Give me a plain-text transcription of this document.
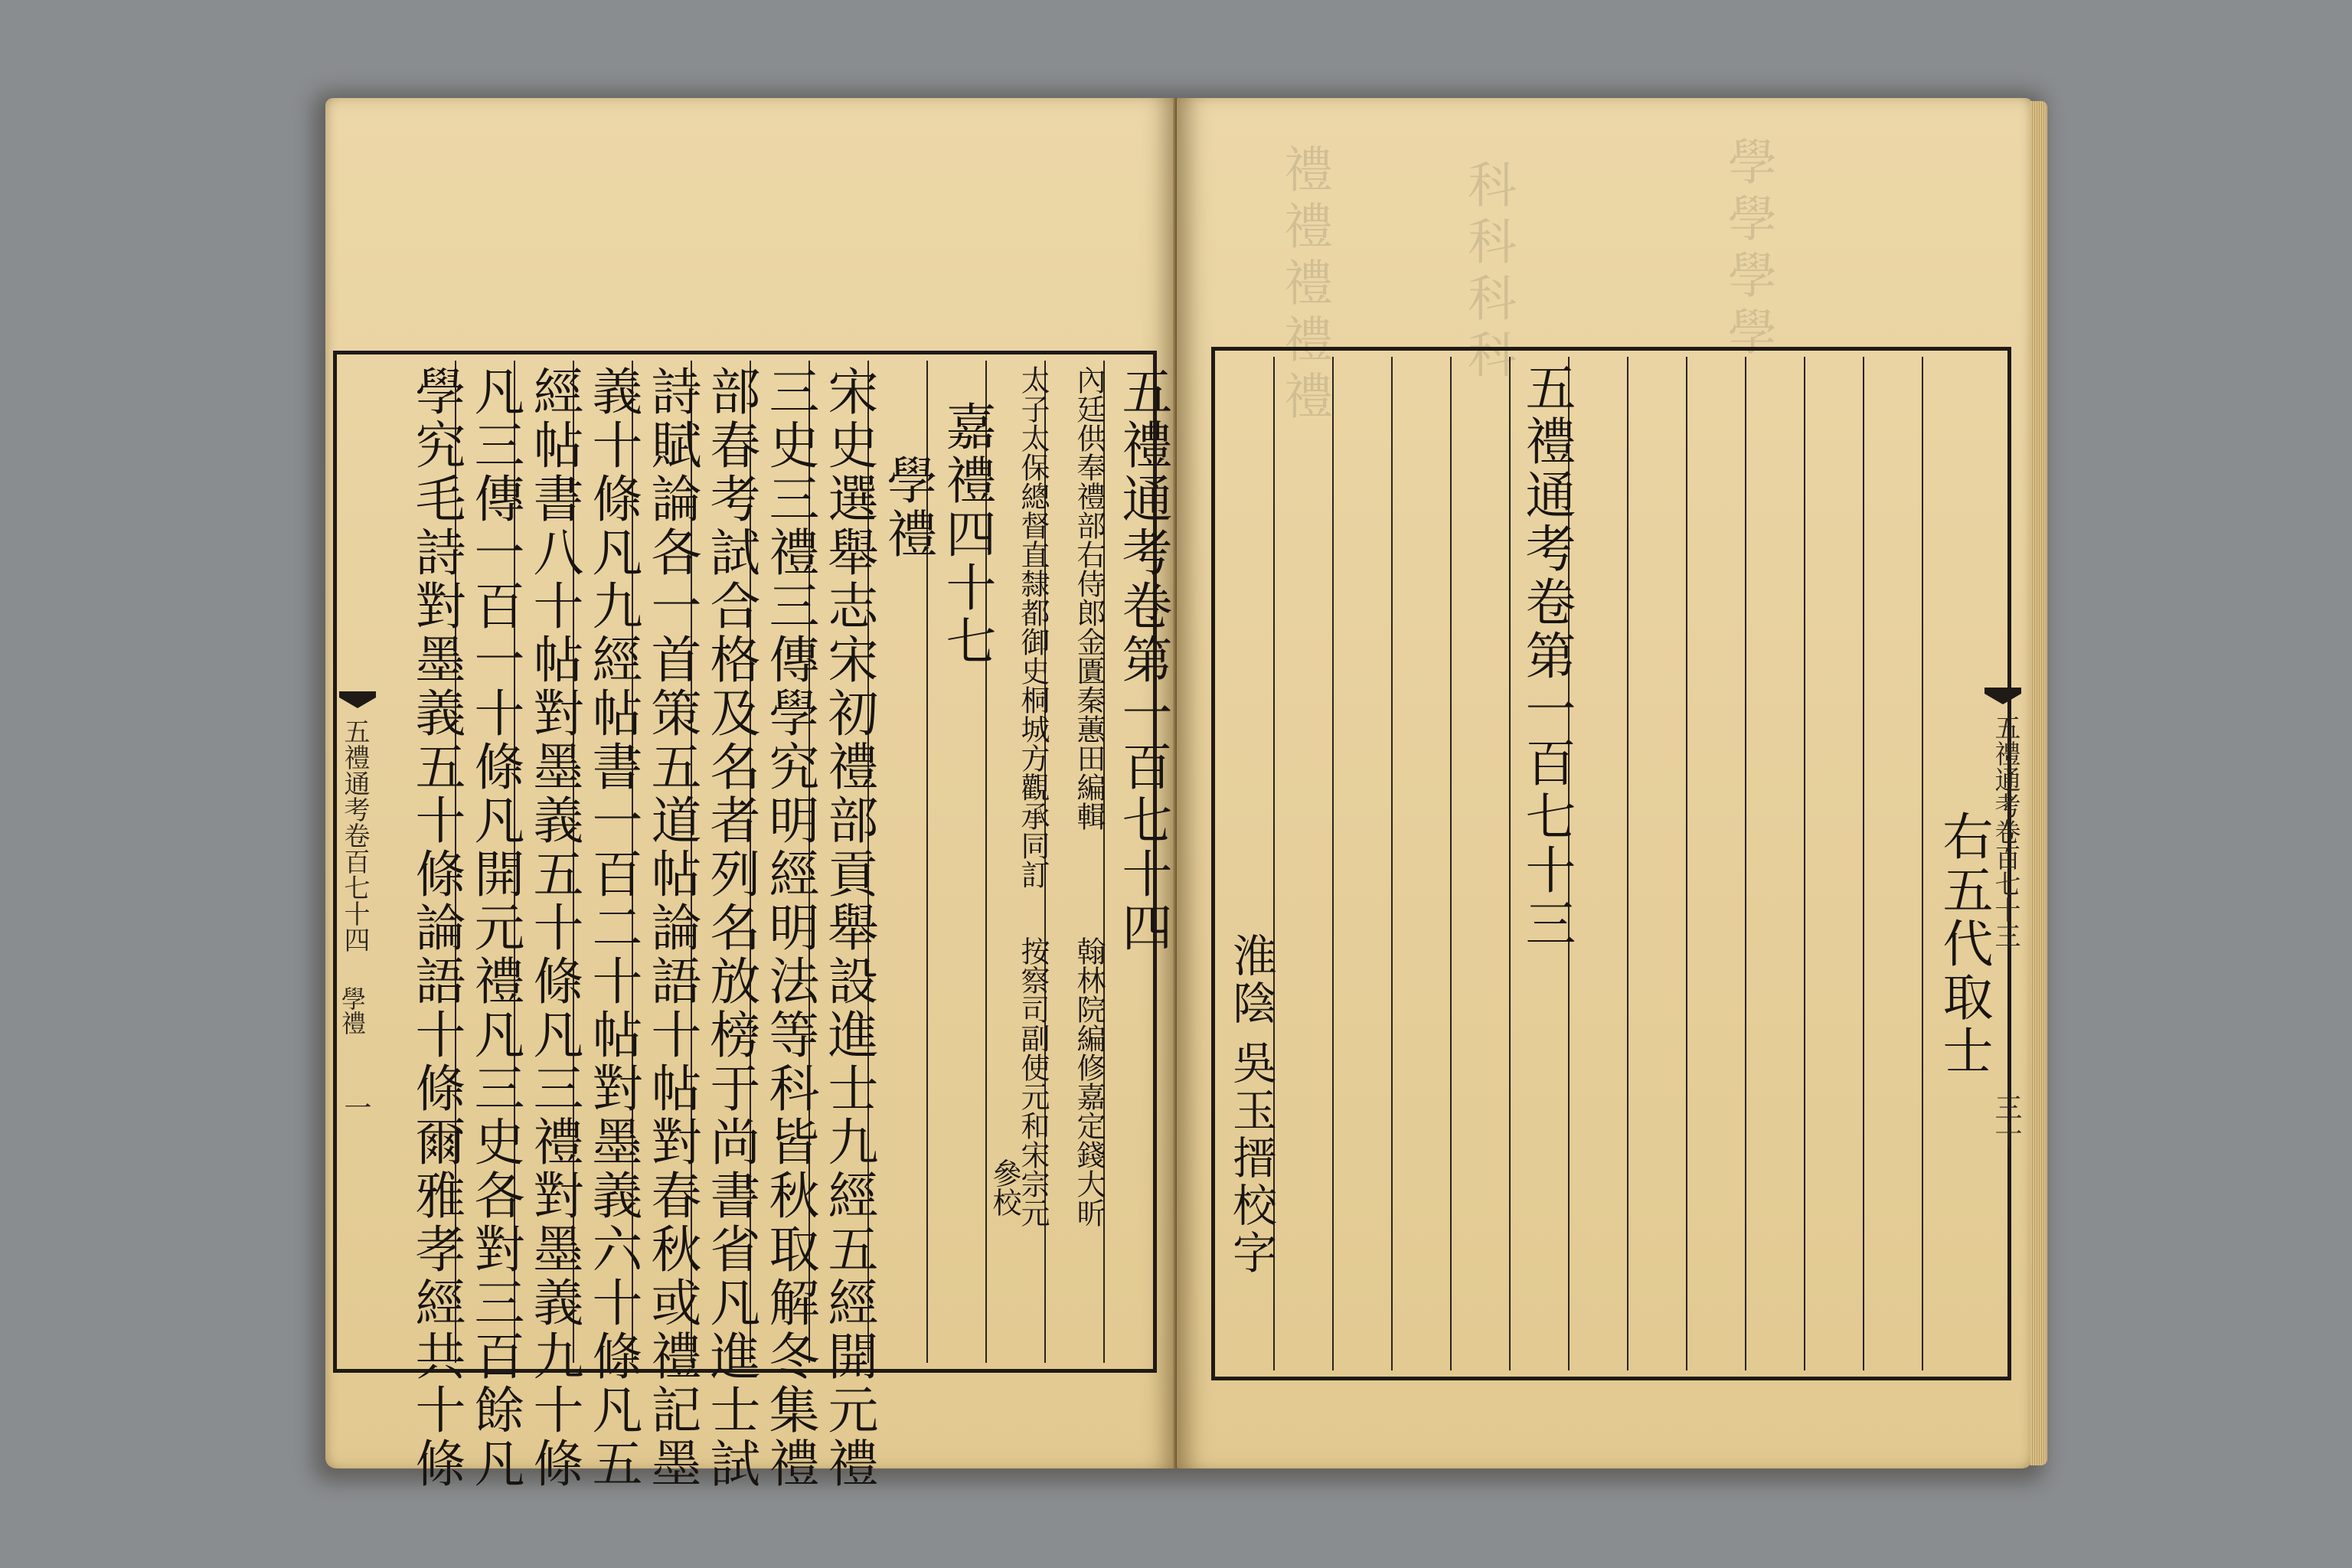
五禮通考卷第一百七十四
內廷供奉禮部右侍郎金匱秦蕙田編輯
翰林院編修嘉定錢大昕
太子太保總督直隸都御史桐城方觀承同訂
按察司副使元和宋宗元
參校
嘉禮四十七
學禮
宋史選舉志宋初禮部貢舉設進士九經五經開元禮
三史三禮三傳學究明經明法等科皆秋取解冬集禮
部春考試合格及名者列名放榜于尚書省凡進士試
詩賦論各一首策五道帖論語十帖對春秋或禮記墨
義十條凡九經帖書一百二十帖對墨義六十條凡五
經帖書八十帖對墨義五十條凡三禮對墨義九十條
凡三傳一百一十條凡開元禮凡三史各對三百餘凡
學究毛詩對墨義五十條論語十條爾雅孝經共十條
五禮通考卷百七十四
學禮
一
禮禮禮禮禮	科科科科	學學學學
五禮通考卷第一百七十三	右五代取士
淮陰
吳玉搢校字
五禮通考卷百七十三
三十
